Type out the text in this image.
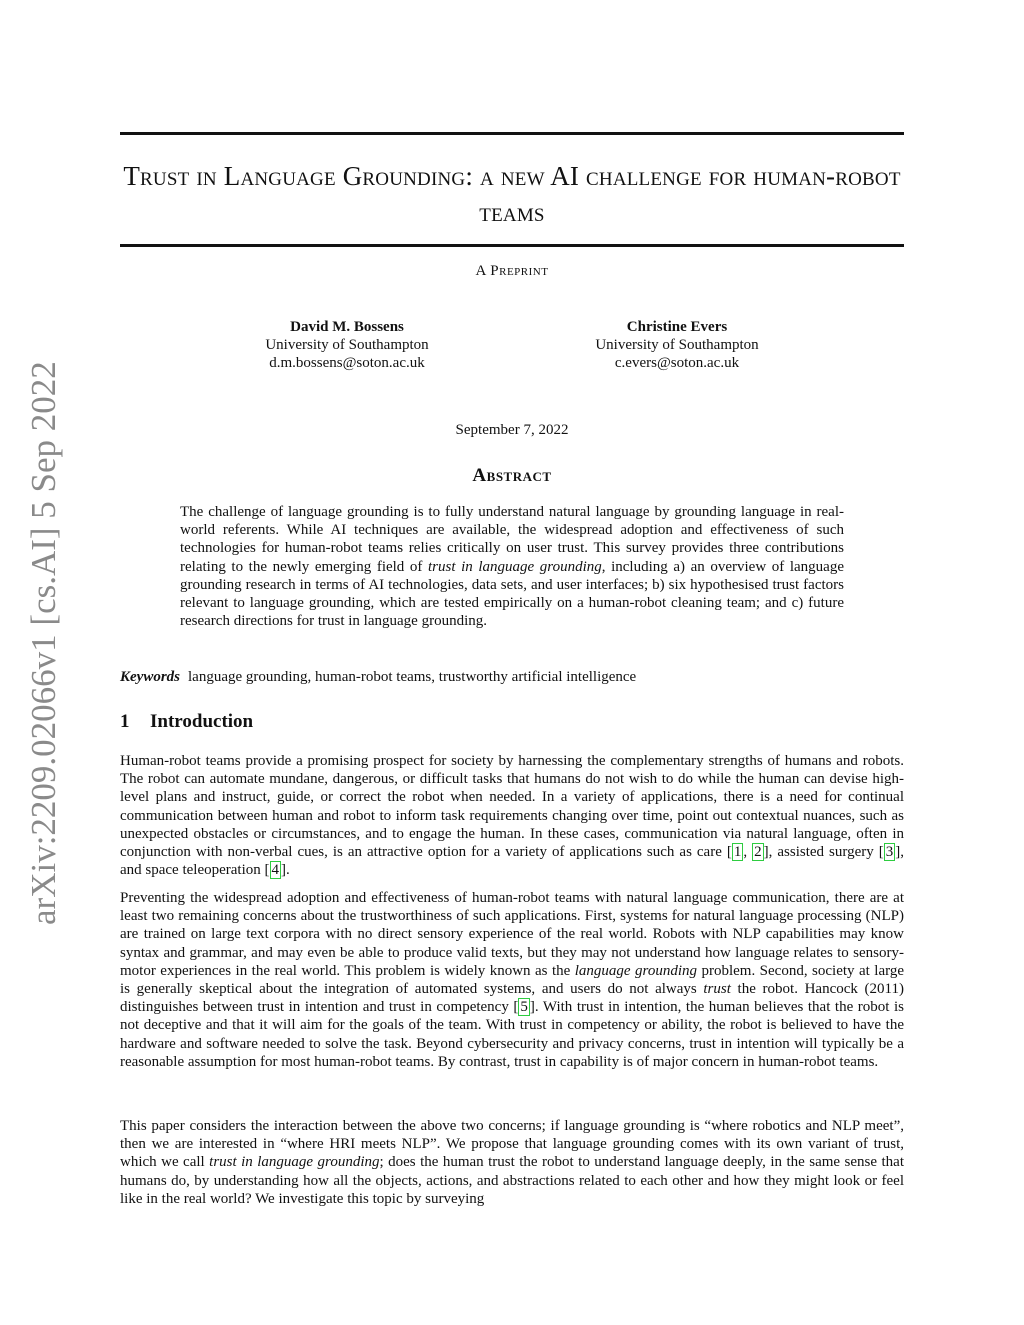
arXiv:2209.02066v1 [cs.AI] 5 Sep 2022
Trust in Language Grounding: a new AI challenge for human-robot teams
A Preprint
David M. Bossens
University of Southampton
d.m.bossens@soton.ac.uk
Christine Evers
University of Southampton
c.evers@soton.ac.uk
September 7, 2022
Abstract
The challenge of language grounding is to fully understand natural language by grounding language in real-world referents. While AI techniques are available, the widespread adoption and effectiveness of such technologies for human-robot teams relies critically on user trust. This survey provides three contributions relating to the newly emerging field of trust in language grounding, including a) an overview of language grounding research in terms of AI technologies, data sets, and user interfaces; b) six hypothesised trust factors relevant to language grounding, which are tested empirically on a human-robot cleaning team; and c) future research directions for trust in language grounding.
Keywords language grounding, human-robot teams, trustworthy artificial intelligence
1 Introduction

Human-robot teams provide a promising prospect for society by harnessing the complementary strengths of humans and robots. The robot can automate mundane, dangerous, or difficult tasks that humans do not wish to do while the human can devise high-level plans and instruct, guide, or correct the robot when needed. In a variety of applications, there is a need for continual communication between human and robot to inform task requirements changing over time, point out contextual nuances, such as unexpected obstacles or circumstances, and to engage the human. In these cases, communication via natural language, often in conjunction with non-verbal cues, is an attractive option for a variety of applications such as care [ 1 , 2 ], assisted surgery [ 3 ], and space teleoperation [ 4 ].

Preventing the widespread adoption and effectiveness of human-robot teams with natural language communication, there are at least two remaining concerns about the trustworthiness of such applications. First, systems for natural language processing (NLP) are trained on large text corpora with no direct sensory experience of the real world. Robots with NLP capabilities may know syntax and grammar, and may even be able to produce valid texts, but they may not understand how language relates to sensory-motor experiences in the real world. This problem is widely known as the language grounding problem. Second, society at large is generally skeptical about the integration of automated systems, and users do not always trust the robot. Hancock (2011) distinguishes between trust in intention and trust in competency [ 5 ]. With trust in intention, the human believes that the robot is not deceptive and that it will aim for the goals of the team. With trust in competency or ability, the robot is believed to have the hardware and software needed to solve the task. Beyond cybersecurity and privacy concerns, trust in intention will typically be a reasonable assumption for most human-robot teams. By contrast, trust in capability is of major concern in human-robot teams.

This paper considers the interaction between the above two concerns; if language grounding is “where robotics and NLP meet”, then we are interested in “where HRI meets NLP”. We propose that language grounding comes with its own variant of trust, which we call trust in language grounding; does the human trust the robot to understand language deeply, in the same sense that humans do, by understanding how all the objects, actions, and abstractions related to each other and how they might look or feel like in the real world? We investigate this topic by surveying
